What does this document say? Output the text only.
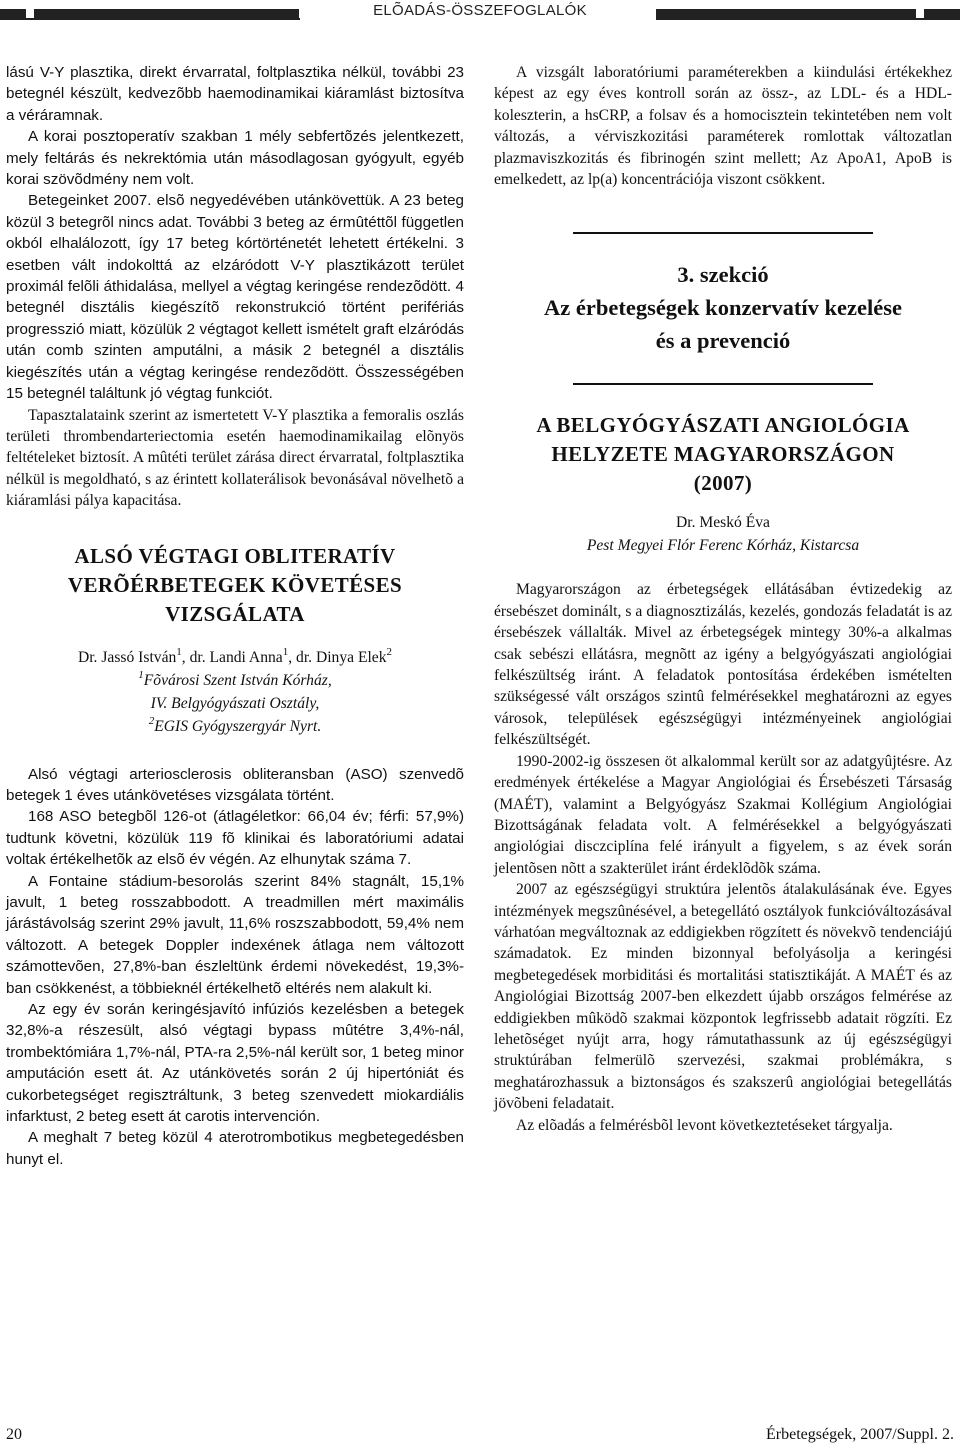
ELÕADÁS-ÖSSZEFOGLALÓK

lású V-Y plasztika, direkt érvarratal, foltplasztika nélkül, további 23 betegnél készült, kedvezõbb haemodinamikai kiáramlást biztosítva a véráramnak.

A korai posztoperatív szakban 1 mély sebfertõzés jelentkezett, mely feltárás és nekrektómia után másodlagosan gyógyult, egyéb korai szövõdmény nem volt.

Betegeinket 2007. elsõ negyedévében utánkövettük. A 23 beteg közül 3 betegrõl nincs adat. További 3 beteg az érmûtéttõl független okból elhalálozott, így 17 beteg kórtörténetét lehetett értékelni. 3 esetben vált indokolttá az elzáródott V-Y plasztikázott terület proximál felõli áthidalása, mellyel a végtag keringése rendezõdött. 4 betegnél disztális kiegészítõ rekonstrukció történt perifériás progresszió miatt, közülük 2 végtagot kellett ismételt graft elzáródás után comb szinten amputálni, a másik 2 betegnél a disztális kiegészítés után a végtag keringése rendezõdött. Összességében 15 betegnél találtunk jó végtag funkciót.

Tapasztalataink szerint az ismertetett V-Y plasztika a femoralis oszlás területi thrombendarteriectomia esetén haemodinamikailag elõnyös feltételeket biztosít. A mûtéti terület zárása direct érvarratal, foltplasztika nélkül is megoldható, s az érintett kollaterálisok bevonásával növelhetõ a kiáramlási pálya kapacitása.

ALSÓ VÉGTAGI OBLITERATÍV

VERÕÉRBETEGEK KÖVETÉSES

VIZSGÁLATA

Dr. Jassó István$^1$, dr. Landi Anna$^1$, dr. Dinya Elek$^2$

$^1$Fõvárosi Szent István Kórház,

IV. Belgyógyászati Osztály,

$^2$EGIS Gyógyszergyár Nyrt.

Alsó végtagi arteriosclerosis obliteransban (ASO) szenvedõ betegek 1 éves utánkövetéses vizsgálata történt.

168 ASO betegbõl 126-ot (átlagéletkor: 66,04 év; férfi: 57,9%) tudtunk követni, közülük 119 fõ klinikai és laboratóriumi adatai voltak értékelhetõk az elsõ év végén. Az elhunytak száma 7.

A Fontaine stádium-besorolás szerint 84% stagnált, 15,1% javult, 1 beteg rosszabbodott. A treadmillen mért maximális járástávolság szerint 29% javult, 11,6% roszszabbodott, 59,4% nem változott. A betegek Doppler indexének átlaga nem változott számottevõen, 27,8%-ban észleltünk érdemi növekedést, 19,3%-ban csökkenést, a többieknél értékelhetõ eltérés nem alakult ki.

Az egy év során keringésjavító infúziós kezelésben a betegek 32,8%-a részesült, alsó végtagi bypass mûtétre 3,4%-nál, trombektómiára 1,7%-nál, PTA-ra 2,5%-nál került sor, 1 beteg minor amputáción esett át. Az utánkövetés során 2 új hipertóniát és cukorbetegséget regisztráltunk, 3 beteg szenvedett miokardiális infarktust, 2 beteg esett át carotis intervención.

A meghalt 7 beteg közül 4 aterotrombotikus megbetegedésben hunyt el.

A vizsgált laboratóriumi paraméterekben a kiindulási értékekhez képest az egy éves kontroll során az össz-, az LDL- és a HDL-koleszterin, a hsCRP, a folsav és a homocisztein tekintetében nem volt változás, a vérviszkozitási paraméterek romlottak változatlan plazmaviszkozitás és fibrinogén szint mellett; Az ApoA1, ApoB is emelkedett, az lp(a) koncentrációja viszont csökkent.

3. szekció

Az érbetegségek konzervatív kezelése

és a prevenció

A BELGYÓGYÁSZATI ANGIOLÓGIA

HELYZETE MAGYARORSZÁGON

(2007)

Dr. Meskó Éva

Pest Megyei Flór Ferenc Kórház, Kistarcsa

Magyarországon az érbetegségek ellátásában évtizedekig az érsebészet dominált, s a diagnosztizálás, kezelés, gondozás feladatát is az érsebészek vállalták. Mivel az érbetegségek mintegy 30%-a alkalmas csak sebészi ellátásra, megnõtt az igény a belgyógyászati angiológiai felkészültség iránt. A feladatok pontosítása érdekében ismételten szükségessé vált országos szintû felmérésekkel meghatározni az egyes városok, települések egészségügyi intézményeinek angiológiai felkészültségét.

1990-2002-ig összesen öt alkalommal került sor az adatgyûjtésre. Az eredmények értékelése a Magyar Angiológiai és Érsebészeti Társaság (MAÉT), valamint a Belgyógyász Szakmai Kollégium Angiológiai Bizottságának feladata volt. A felmérésekkel a belgyógyászati angiológiai disczciplína felé irányult a figyelem, s az évek során jelentõsen nõtt a szakterület iránt érdeklõdõk száma.

2007 az egészségügyi struktúra jelentõs átalakulásának éve. Egyes intézmények megszûnésével, a betegellátó osztályok funkcióváltozásával várhatóan megváltoznak az eddigiekben rögzített és növekvõ tendenciájú számadatok. Ez minden bizonnyal befolyásolja a keringési megbetegedések morbiditási és mortalitási statisztikáját. A MAÉT és az Angiológiai Bizottság 2007-ben elkezdett újabb országos felmérése az eddigiekben mûködõ szakmai központok legfrissebb adatait rögzíti. Ez lehetõséget nyújt arra, hogy rámutathassunk az új egészségügyi struktúrában felmerülõ szervezési, szakmai problémákra, s meghatározhassuk a biztonságos és szakszerû angiológiai betegellátás jövõbeni feladatait.

Az elõadás a felmérésbõl levont következtetéseket tárgyalja.

20	Érbetegségek, 2007/Suppl. 2.
